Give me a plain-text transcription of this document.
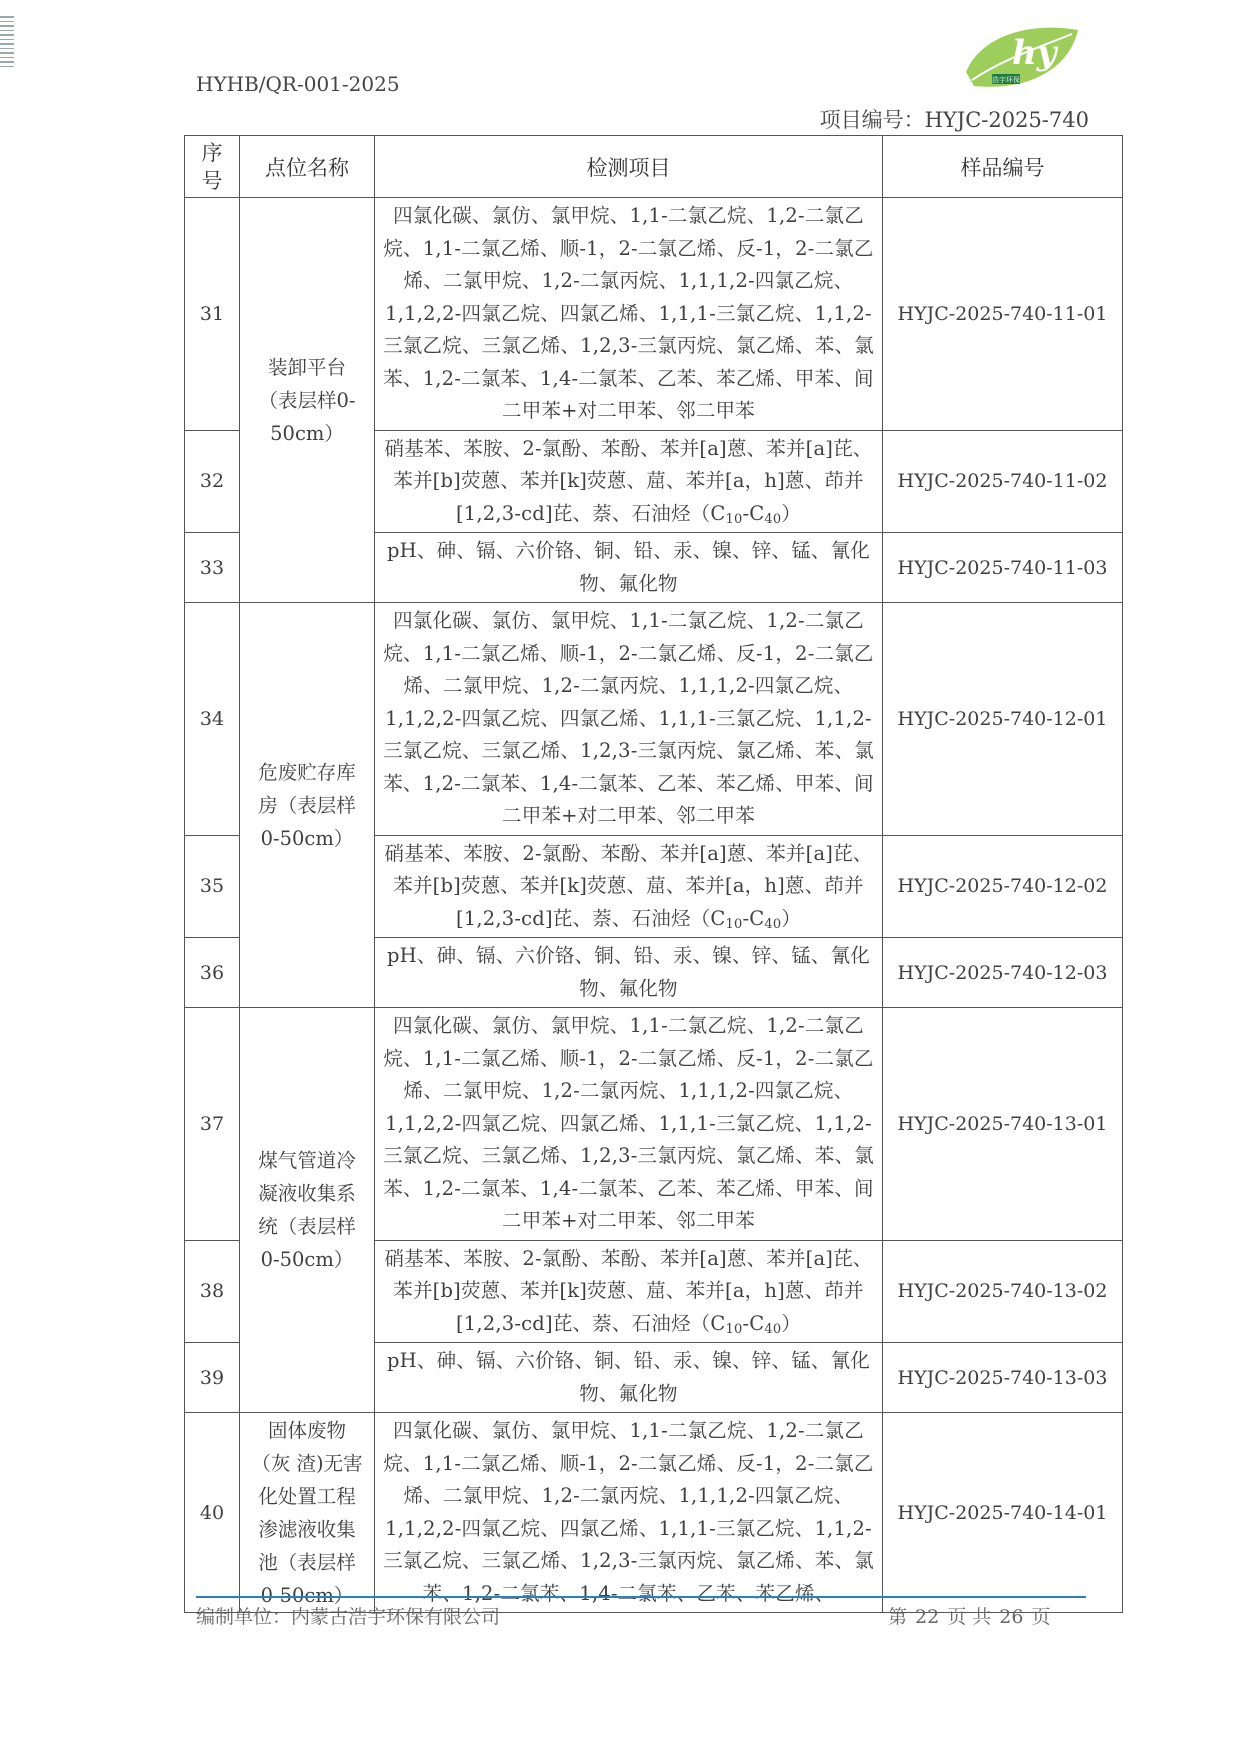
HYHB/QR-001-2025
hy
浩宇环保
项目编号：HYJC-2025-740
序
号	点位名称	检测项目	样品编号
31	装卸平台（表层样0-50cm）	四氯化碳、氯仿、氯甲烷、1,1-二氯乙烷、1,2-二氯乙烷、1,1-二氯乙烯、顺-1，2-二氯乙烯、反-1，2-二氯乙烯、二氯甲烷、1,2-二氯丙烷、1,1,1,2-四氯乙烷、1,1,2,2-四氯乙烷、四氯乙烯、1,1,1-三氯乙烷、1,1,2-三氯乙烷、三氯乙烯、1,2,3-三氯丙烷、氯乙烯、苯、氯苯、1,2-二氯苯、1,4-二氯苯、乙苯、苯乙烯、甲苯、间二甲苯+对二甲苯、邻二甲苯	HYJC-2025-740-11-01
32		硝基苯、苯胺、2-氯酚、苯酚、苯并[a]蒽、苯并[a]芘、苯并[b]荧蒽、苯并[k]荧蒽、䓛、苯并[a，h]蒽、茚并[1,2,3-cd]芘、萘、石油烃$(C_{10}-C_{40})$	HYJC-2025-740-11-02
33		pH、砷、镉、六价铬、铜、铅、汞、镍、锌、锰、氰化物、氟化物	HYJC-2025-740-11-03
34	危废贮存库房（表层样0-50cm）	四氯化碳、氯仿、氯甲烷、1,1-二氯乙烷、1,2-二氯乙烷、1,1-二氯乙烯、顺-1，2-二氯乙烯、反-1，2-二氯乙烯、二氯甲烷、1,2-二氯丙烷、1,1,1,2-四氯乙烷、1,1,2,2-四氯乙烷、四氯乙烯、1,1,1-三氯乙烷、1,1,2-三氯乙烷、三氯乙烯、1,2,3-三氯丙烷、氯乙烯、苯、氯苯、1,2-二氯苯、1,4-二氯苯、乙苯、苯乙烯、甲苯、间二甲苯+对二甲苯、邻二甲苯	HYJC-2025-740-12-01
35		硝基苯、苯胺、2-氯酚、苯酚、苯并[a]蒽、苯并[a]芘、苯并[b]荧蒽、苯并[k]荧蒽、䓛、苯并[a，h]蒽、茚并[1,2,3-cd]芘、萘、石油烃$(C_{10}-C_{40})$	HYJC-2025-740-12-02
36		pH、砷、镉、六价铬、铜、铅、汞、镍、锌、锰、氰化物、氟化物	HYJC-2025-740-12-03
37	煤气管道冷凝液收集系统（表层样0-50cm）	四氯化碳、氯仿、氯甲烷、1,1-二氯乙烷、1,2-二氯乙烷、1,1-二氯乙烯、顺-1，2-二氯乙烯、反-1，2-二氯乙烯、二氯甲烷、1,2-二氯丙烷、1,1,1,2-四氯乙烷、1,1,2,2-四氯乙烷、四氯乙烯、1,1,1-三氯乙烷、1,1,2-三氯乙烷、三氯乙烯、1,2,3-三氯丙烷、氯乙烯、苯、氯苯、1,2-二氯苯、1,4-二氯苯、乙苯、苯乙烯、甲苯、间二甲苯+对二甲苯、邻二甲苯	HYJC-2025-740-13-01
38		硝基苯、苯胺、2-氯酚、苯酚、苯并[a]蒽、苯并[a]芘、苯并[b]荧蒽、苯并[k]荧蒽、䓛、苯并[a，h]蒽、茚并[1,2,3-cd]芘、萘、石油烃$(C_{10}-C_{40})$	HYJC-2025-740-13-02
39		pH、砷、镉、六价铬、铜、铅、汞、镍、锌、锰、氰化物、氟化物	HYJC-2025-740-13-03
40	固体废物（灰 渣)无害化处置工程渗滤液收集池（表层样 0-50cm）	四氯化碳、氯仿、氯甲烷、1,1-二氯乙烷、1,2-二氯乙烷、1,1-二氯乙烯、顺-1，2-二氯乙烯、反-1，2-二氯乙烯、二氯甲烷、1,2-二氯丙烷、1,1,1,2-四氯乙烷、1,1,2,2-四氯乙烷、四氯乙烯、1,1,1-三氯乙烷、1,1,2-三氯乙烷、三氯乙烯、1,2,3-三氯丙烷、氯乙烯、苯、氯苯、1,2-二氯苯、1,4-二氯苯、乙苯、苯乙烯、	HYJC-2025-740-14-01
编制单位：内蒙古浩宇环保有限公司	第 22 页 共 26 页
